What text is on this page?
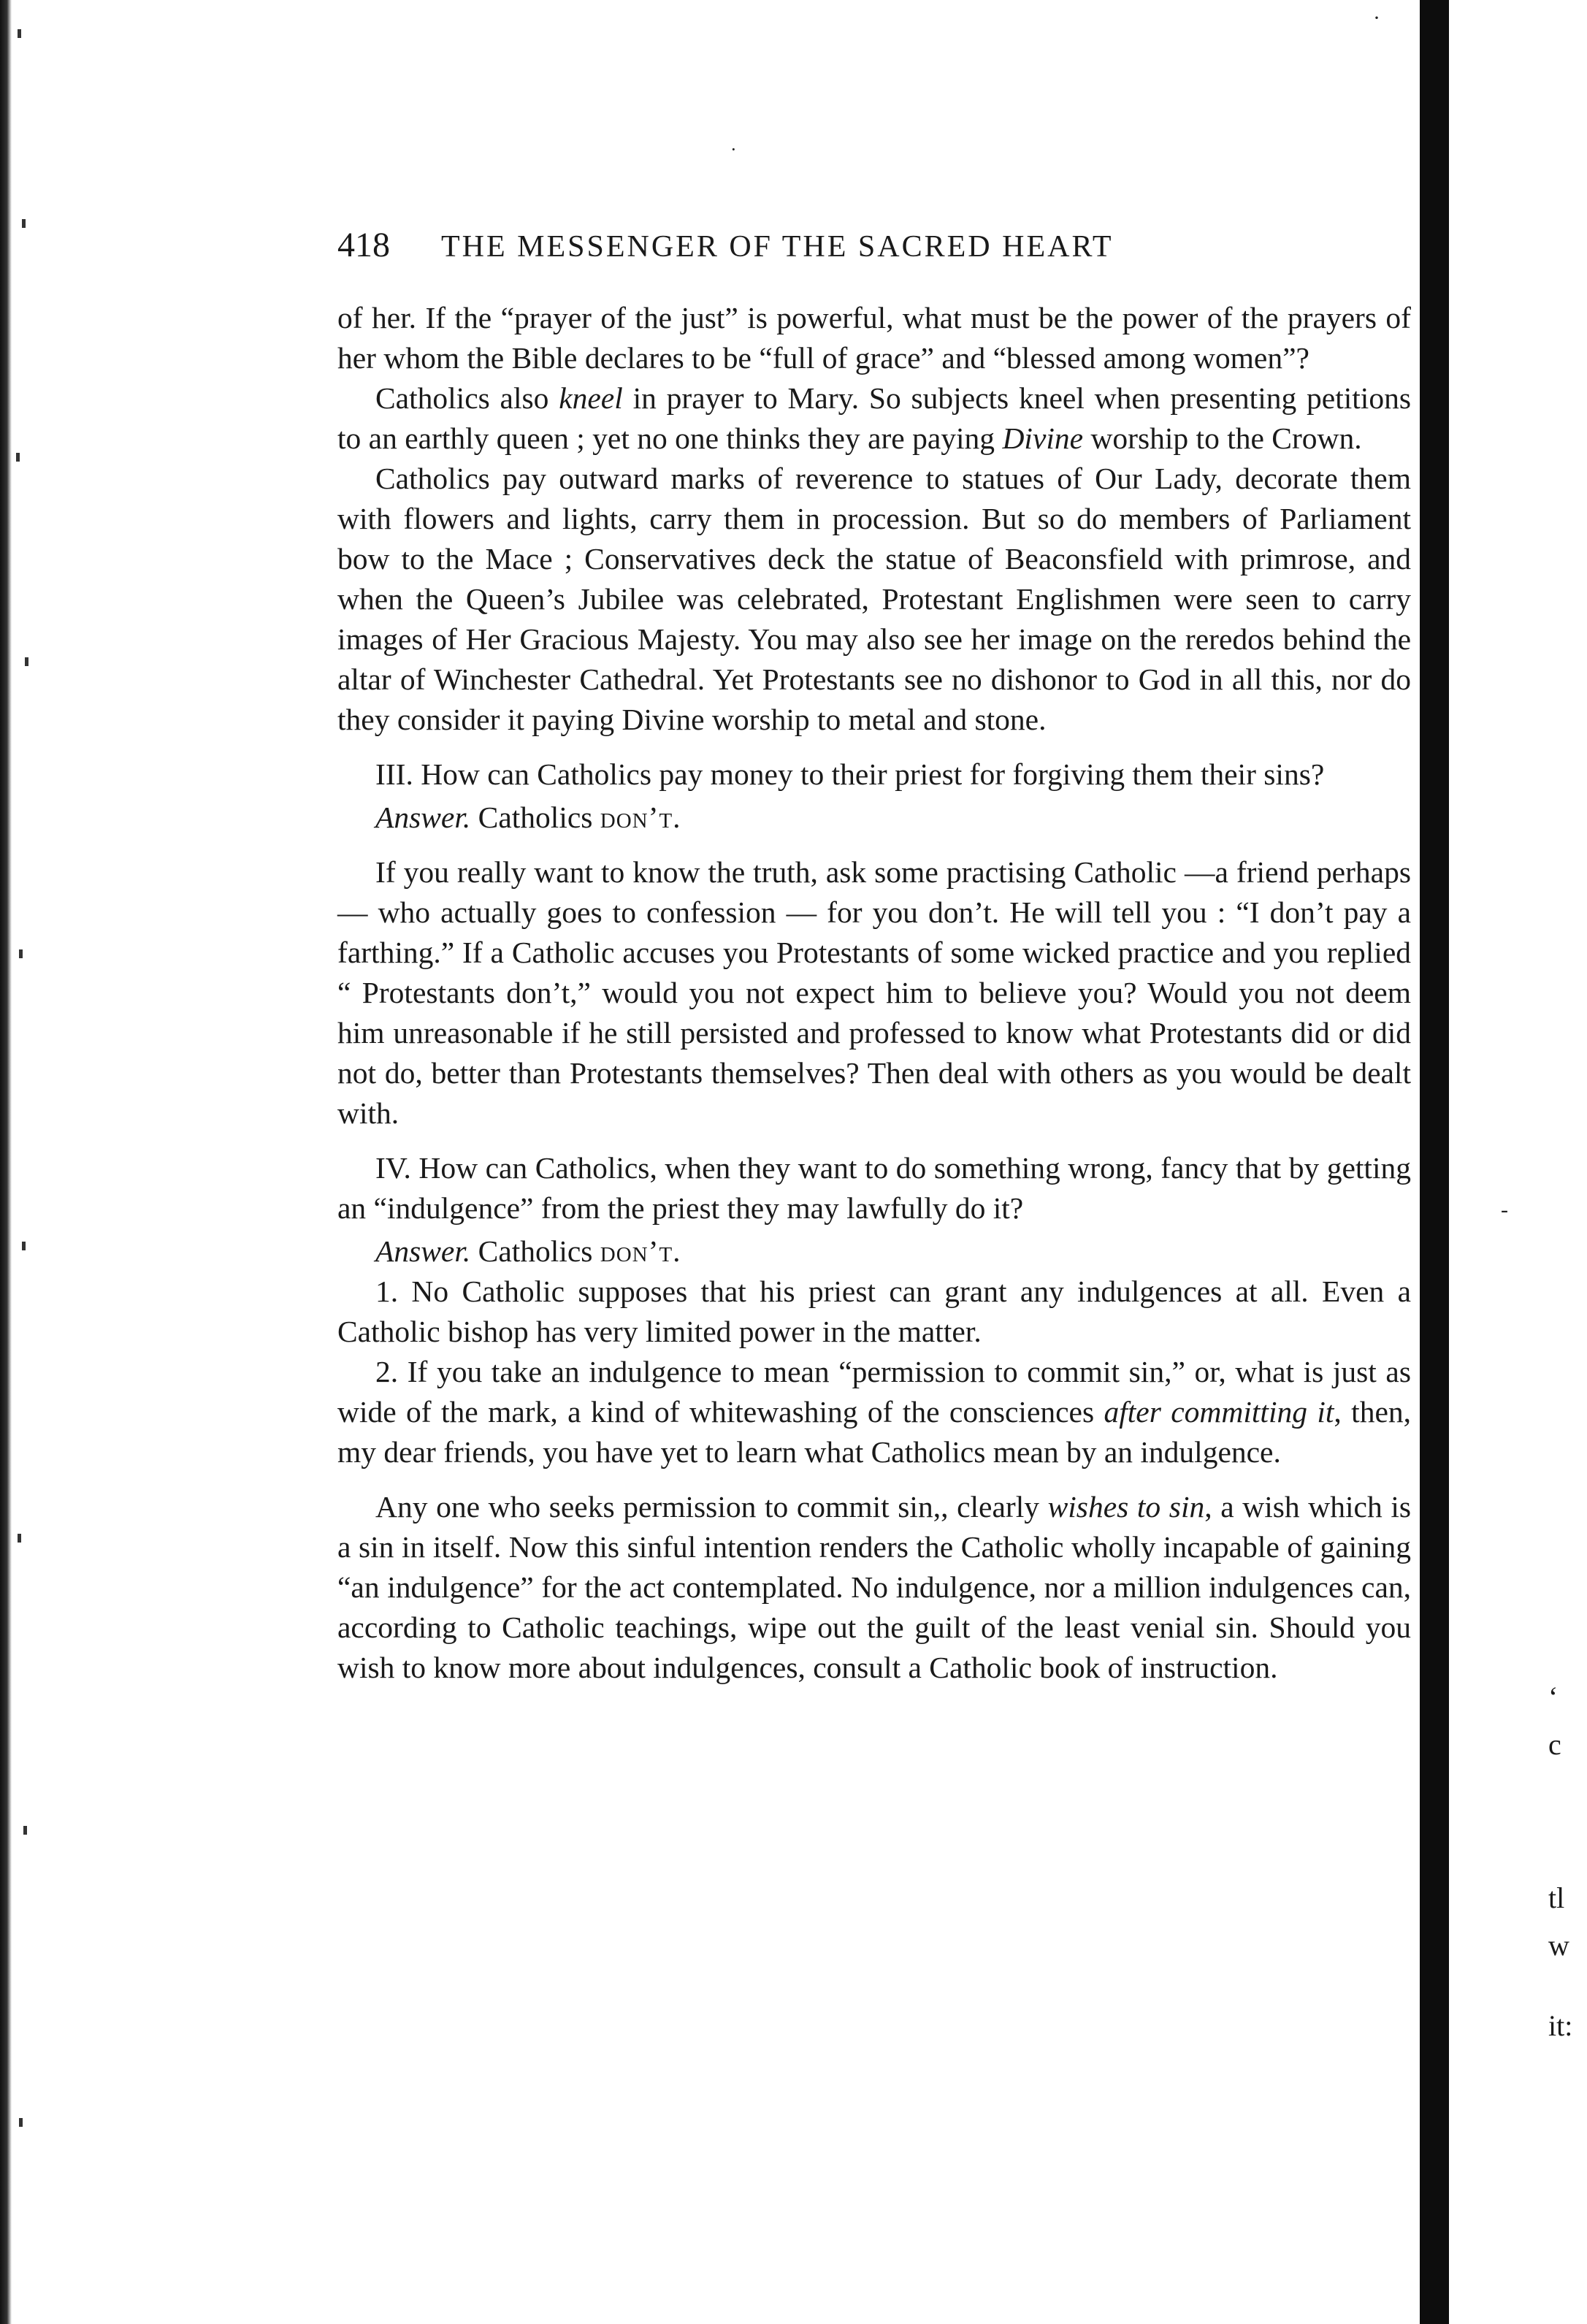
·
·
-
418 THE MESSENGER OF THE SACRED HEART

of her. If the “prayer of the just” is powerful, what must be the power of the prayers of her whom the Bible declares to be “full of grace” and “blessed among women”?

Catholics also kneel in prayer to Mary. So subjects kneel when presenting petitions to an earthly queen ; yet no one thinks they are paying Divine worship to the Crown.

Catholics pay outward marks of reverence to statues of Our Lady, decorate them with flowers and lights, carry them in procession. But so do members of Parliament bow to the Mace ; Conservatives deck the statue of Beaconsfield with primrose, and when the Queen’s Jubilee was celebrated, Protestant Englishmen were seen to carry images of Her Gracious Majesty. You may also see her image on the reredos behind the altar of Winchester Cathedral. Yet Protestants see no dishonor to God in all this, nor do they consider it paying Divine worship to metal and stone.

III. How can Catholics pay money to their priest for forgiving them their sins?

Answer. Catholics don’t.

If you really want to know the truth, ask some practising Catholic —a friend perhaps — who actually goes to confession — for you don’t. He will tell you : “I don’t pay a farthing.” If a Catholic accuses you Protestants of some wicked practice and you replied “ Protestants don’t,” would you not expect him to believe you? Would you not deem him unreasonable if he still persisted and professed to know what Protestants did or did not do, better than Protestants themselves? Then deal with others as you would be dealt with.

IV. How can Catholics, when they want to do something wrong, fancy that by getting an “indulgence” from the priest they may lawfully do it?

Answer. Catholics don’t.

1. No Catholic supposes that his priest can grant any indulgences at all. Even a Catholic bishop has very limited power in the matter.

2. If you take an indulgence to mean “permission to commit sin,” or, what is just as wide of the mark, a kind of whitewashing of the consciences after committing it, then, my dear friends, you have yet to learn what Catholics mean by an indulgence.

Any one who seeks permission to commit sin,, clearly wishes to sin, a wish which is a sin in itself. Now this sinful intention renders the Catholic wholly incapable of gaining “an indulgence” for the act contemplated. No indulgence, nor a million indulgences can, according to Catholic teachings, wipe out the guilt of the least venial sin. Should you wish to know more about indulgences, consult a Catholic book of instruction.

‘
c
tl
w
it:
